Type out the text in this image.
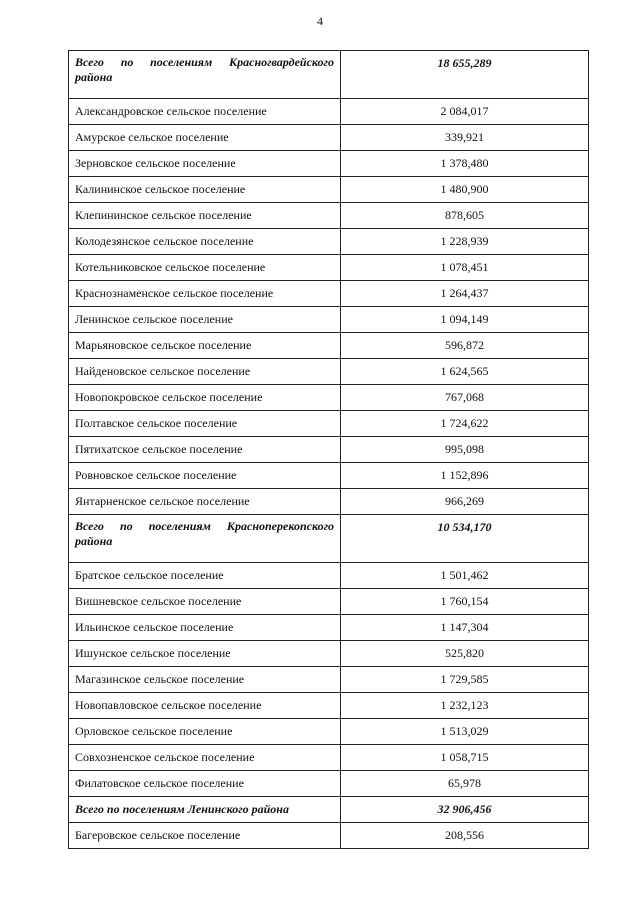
4
Всего по поселениям Красногвардейского
района	18 655,289
Александровское сельское поселение	2 084,017
Амурское сельское поселение	339,921
Зерновское сельское поселение	1 378,480
Калининское сельское поселение	1 480,900
Клепининское сельское поселение	878,605
Колодезянское сельское поселение	1 228,939
Котельниковское сельское поселение	1 078,451
Краснознаменское сельское поселение	1 264,437
Ленинское сельское поселение	1 094,149
Марьяновское сельское поселение	596,872
Найденовское сельское поселение	1 624,565
Новопокровское сельское поселение	767,068
Полтавское сельское поселение	1 724,622
Пятихатское сельское поселение	995,098
Ровновское сельское поселение	1 152,896
Янтарненское сельское поселение	966,269
Всего по поселениям Красноперекопского
района	10 534,170
Братское сельское поселение	1 501,462
Вишневское сельское поселение	1 760,154
Ильинское сельское поселение	1 147,304
Ишунское сельское поселение	525,820
Магазинское сельское поселение	1 729,585
Новопавловское сельское поселение	1 232,123
Орловское сельское поселение	1 513,029
Совхозненское сельское поселение	1 058,715
Филатовское сельское поселение	65,978
Всего по поселениям Ленинского района	32 906,456
Багеровское сельское поселение	208,556
